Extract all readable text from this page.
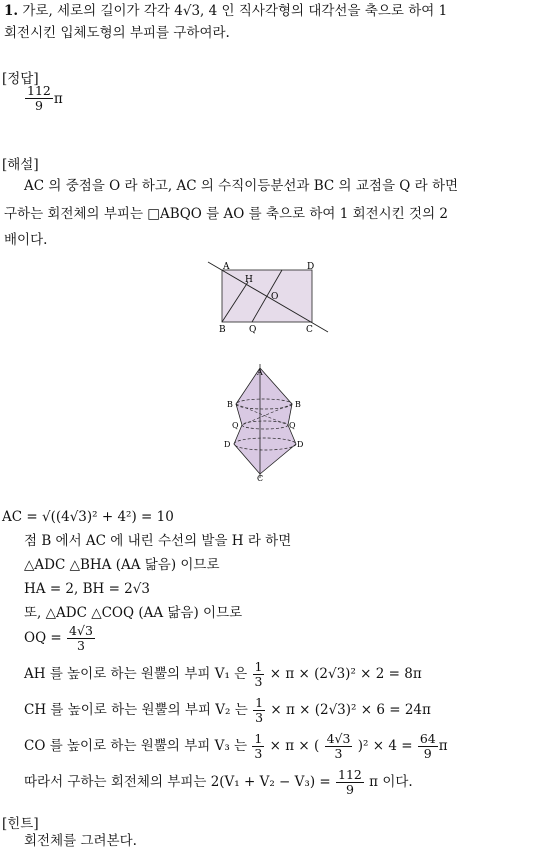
1. 가로, 세로의 길이가 각각 4√3, 4 인 직사각형의 대각선을 축으로 하여 1
회전시킨 입체도형의 부피를 구하여라.
[정답]
$\frac{112}{9}$ π
[해설]
AC 의 중점을 O 라 하고, AC 의 수직이등분선과 BC 의 교점을 Q 라 하면
구하는 회전체의 부피는 □ABQO 를 AO 를 축으로 하여 1 회전시킨 것의 2
배이다.
A	D
H
O
B	Q	C
A
B	B
Q	Q
D	D
C
AC = √((4√3)² + 4²) = 10
점 B 에서 AC 에 내린 수선의 발을 H 라 하면
△ADC △BHA (AA 닮음) 이므로
HA = 2, BH = 2√3
또, △ADC △COQ (AA 닮음) 이므로
OQ = $\frac{4√3}{3}$
AH 를 높이로 하는 원뿔의 부피 V₁ 은 $\frac{1}{3} \times \pi \times (2√3)^2 \times 2 = 8\pi$
CH 를 높이로 하는 원뿔의 부피 V₂ 는 $\frac{1}{3} \times \pi \times (2√3)^2 \times 6 = 24\pi$
CO 를 높이로 하는 원뿔의 부피 V₃ 는 $\frac{1}{3} \times \pi$ × ( $\frac{4√3}{3} )^2 \times 4 = \frac{64}{9}$ π
따라서 구하는 회전체의 부피는 $2(V_1 + V_2 - V_3) = \frac{112}{9}$ π 이다.
[힌트]
회전체를 그려본다.
